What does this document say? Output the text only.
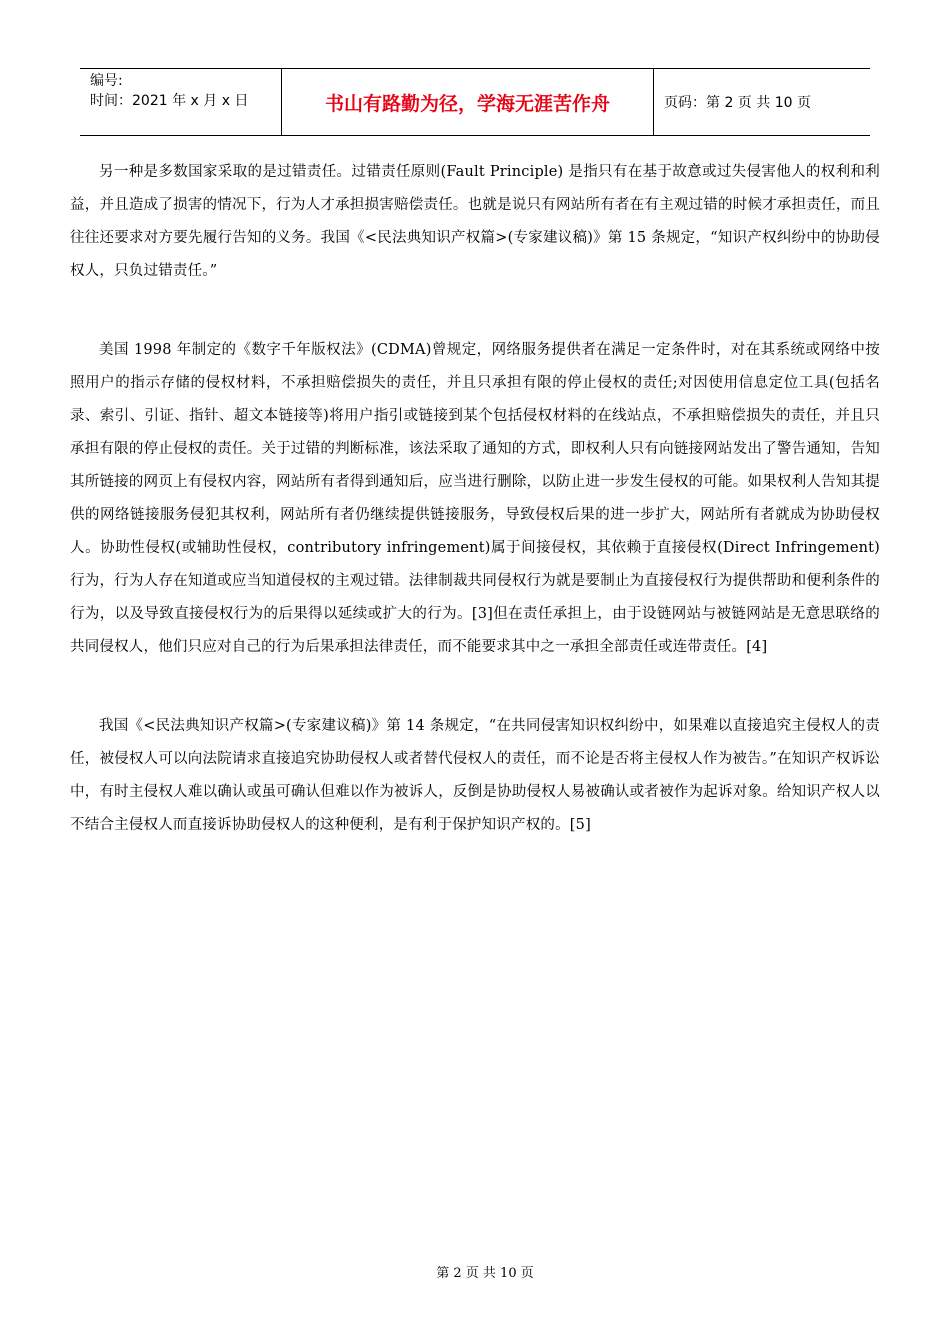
编号:
时间：2021 年 x 月 x 日	书山有路勤为径，学海无涯苦作舟	页码：第 2 页 共 10 页

另一种是多数国家采取的是过错责任。过错责任原则(Fault Principle) 是指只有在基于故意或过失侵害他人的权利和利益，并且造成了损害的情况下，行为人才承担损害赔偿责任。也就是说只有网站所有者在有主观过错的时候才承担责任，而且往往还要求对方要先履行告知的义务。我国《<民法典知识产权篇>(专家建议稿)》第 15 条规定，“知识产权纠纷中的协助侵权人，只负过错责任。”

美国 1998 年制定的《数字千年版权法》(CDMA)曾规定，网络服务提供者在满足一定条件时，对在其系统或网络中按照用户的指示存储的侵权材料，不承担赔偿损失的责任，并且只承担有限的停止侵权的责任;对因使用信息定位工具(包括名录、索引、引证、指针、超文本链接等)将用户指引或链接到某个包括侵权材料的在线站点，不承担赔偿损失的责任，并且只承担有限的停止侵权的责任。关于过错的判断标准，该法采取了通知的方式，即权利人只有向链接网站发出了警告通知，告知其所链接的网页上有侵权内容，网站所有者得到通知后，应当进行删除，以防止进一步发生侵权的可能。如果权利人告知其提供的网络链接服务侵犯其权利，网站所有者仍继续提供链接服务，导致侵权后果的进一步扩大，网站所有者就成为协助侵权人。协助性侵权(或辅助性侵权，contributory infringement)属于间接侵权，其依赖于直接侵权(Direct Infringement)行为，行为人存在知道或应当知道侵权的主观过错。法律制裁共同侵权行为就是要制止为直接侵权行为提供帮助和便利条件的行为，以及导致直接侵权行为的后果得以延续或扩大的行为。[3]但在责任承担上，由于设链网站与被链网站是无意思联络的共同侵权人，他们只应对自己的行为后果承担法律责任，而不能要求其中之一承担全部责任或连带责任。[4]

我国《<民法典知识产权篇>(专家建议稿)》第 14 条规定，“在共同侵害知识权纠纷中，如果难以直接追究主侵权人的责任，被侵权人可以向法院请求直接追究协助侵权人或者替代侵权人的责任，而不论是否将主侵权人作为被告。”在知识产权诉讼中，有时主侵权人难以确认或虽可确认但难以作为被诉人，反倒是协助侵权人易被确认或者被作为起诉对象。给知识产权人以不结合主侵权人而直接诉协助侵权人的这种便利，是有利于保护知识产权的。[5]

第 2 页 共 10 页
